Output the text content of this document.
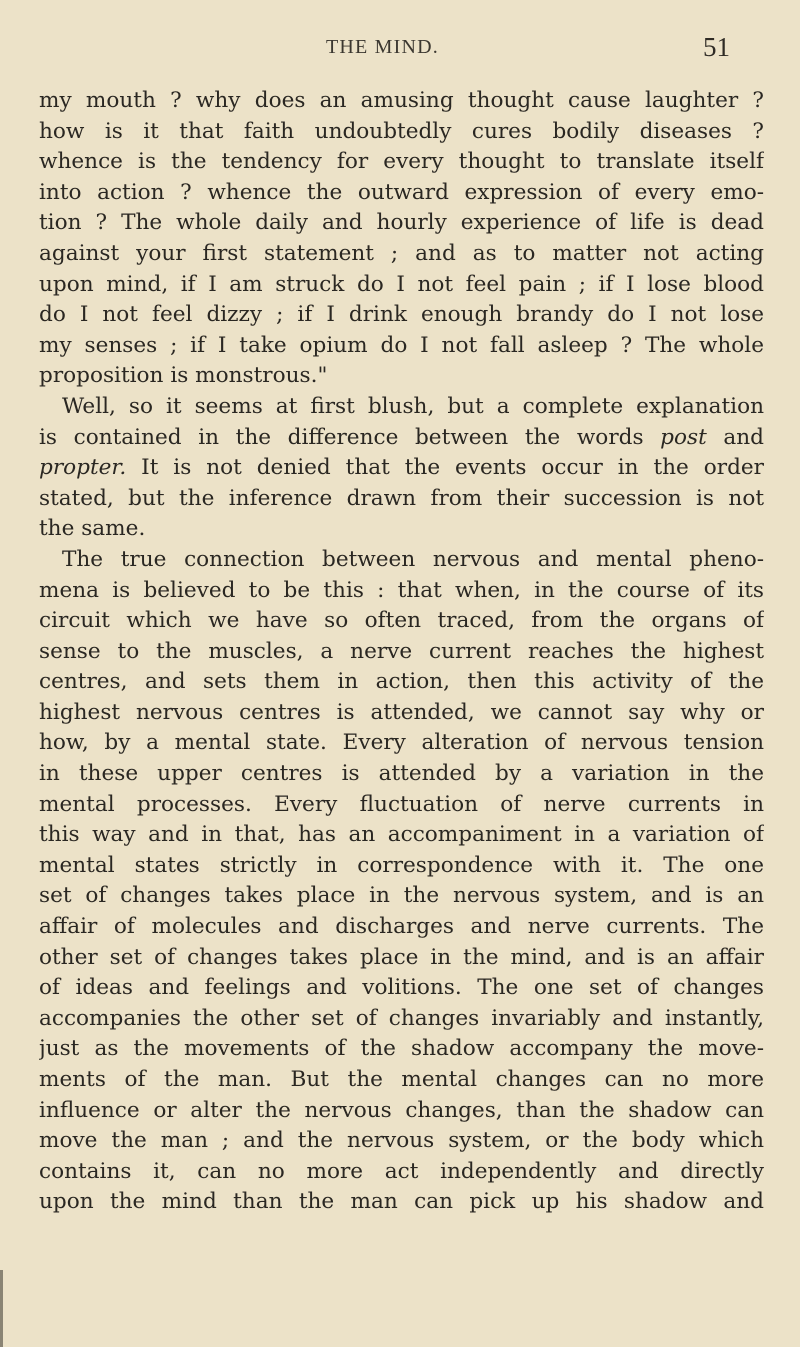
THE MIND.	51
my mouth ? why does an amusing thought cause laughter ?
how is it that faith undoubtedly cures bodily diseases ?
whence is the tendency for every thought to translate itself
into action ? whence the outward expression of every emo-
tion ? The whole daily and hourly experience of life is dead
against your first statement ; and as to matter not acting
upon mind, if I am struck do I not feel pain ; if I lose blood
do I not feel dizzy ; if I drink enough brandy do I not lose
my senses ; if I take opium do I not fall asleep ? The whole
proposition is monstrous."
Well, so it seems at first blush, but a complete explanation
is contained in the difference between the words post and
propter. It is not denied that the events occur in the order
stated, but the inference drawn from their succession is not
the same.
The true connection between nervous and mental pheno-
mena is believed to be this : that when, in the course of its
circuit which we have so often traced, from the organs of
sense to the muscles, a nerve current reaches the highest
centres, and sets them in action, then this activity of the
highest nervous centres is attended, we cannot say why or
how, by a mental state. Every alteration of nervous tension
in these upper centres is attended by a variation in the
mental processes. Every fluctuation of nerve currents in
this way and in that, has an accompaniment in a variation of
mental states strictly in correspondence with it. The one
set of changes takes place in the nervous system, and is an
affair of molecules and discharges and nerve currents. The
other set of changes takes place in the mind, and is an affair
of ideas and feelings and volitions. The one set of changes
accompanies the other set of changes invariably and instantly,
just as the movements of the shadow accompany the move-
ments of the man. But the mental changes can no more
influence or alter the nervous changes, than the shadow can
move the man ; and the nervous system, or the body which
contains it, can no more act independently and directly
upon the mind than the man can pick up his shadow and
